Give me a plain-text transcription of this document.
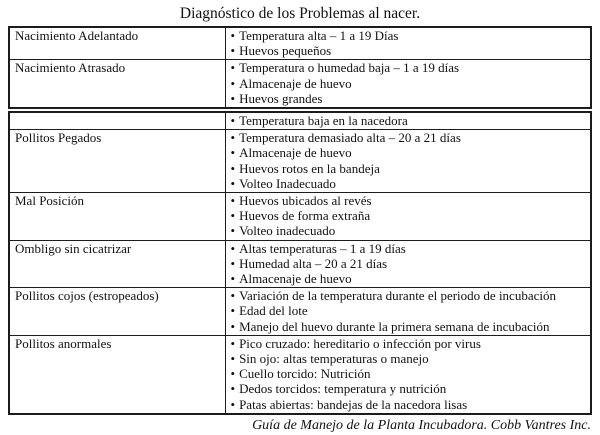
Diagnóstico de los Problemas al nacer.
Nacimiento Adelantado	• Temperatura alta – 1 a 19 Días
• Huevos pequeños

Nacimiento Atrasado	• Temperatura o humedad baja – 1 a 19 días
• Almacenaje de huevo
• Huevos grandes

	• Temperatura baja en la nacedora

Pollitos Pegados	• Temperatura demasiado alta – 20 a 21 días
• Almacenaje de huevo
• Huevos rotos en la bandeja
• Volteo Inadecuado

Mal Posición	• Huevos ubicados al revés
• Huevos de forma extraña
• Volteo inadecuado

Ombligo sin cicatrizar	• Altas temperaturas – 1 a 19 días
• Humedad alta – 20 a 21 días
• Almacenaje de huevo

Pollitos cojos (estropeados)	• Variación de la temperatura durante el periodo de incubación
• Edad del lote
• Manejo del huevo durante la primera semana de incubación

Pollitos anormales	• Pico cruzado: hereditario o infección por virus
• Sin ojo: altas temperaturas o manejo
• Cuello torcido: Nutrición
• Dedos torcidos: temperatura y nutrición
• Patas abiertas: bandejas de la nacedora lisas
Guía de Manejo de la Planta Incubadora. Cobb Vantres Inc.
